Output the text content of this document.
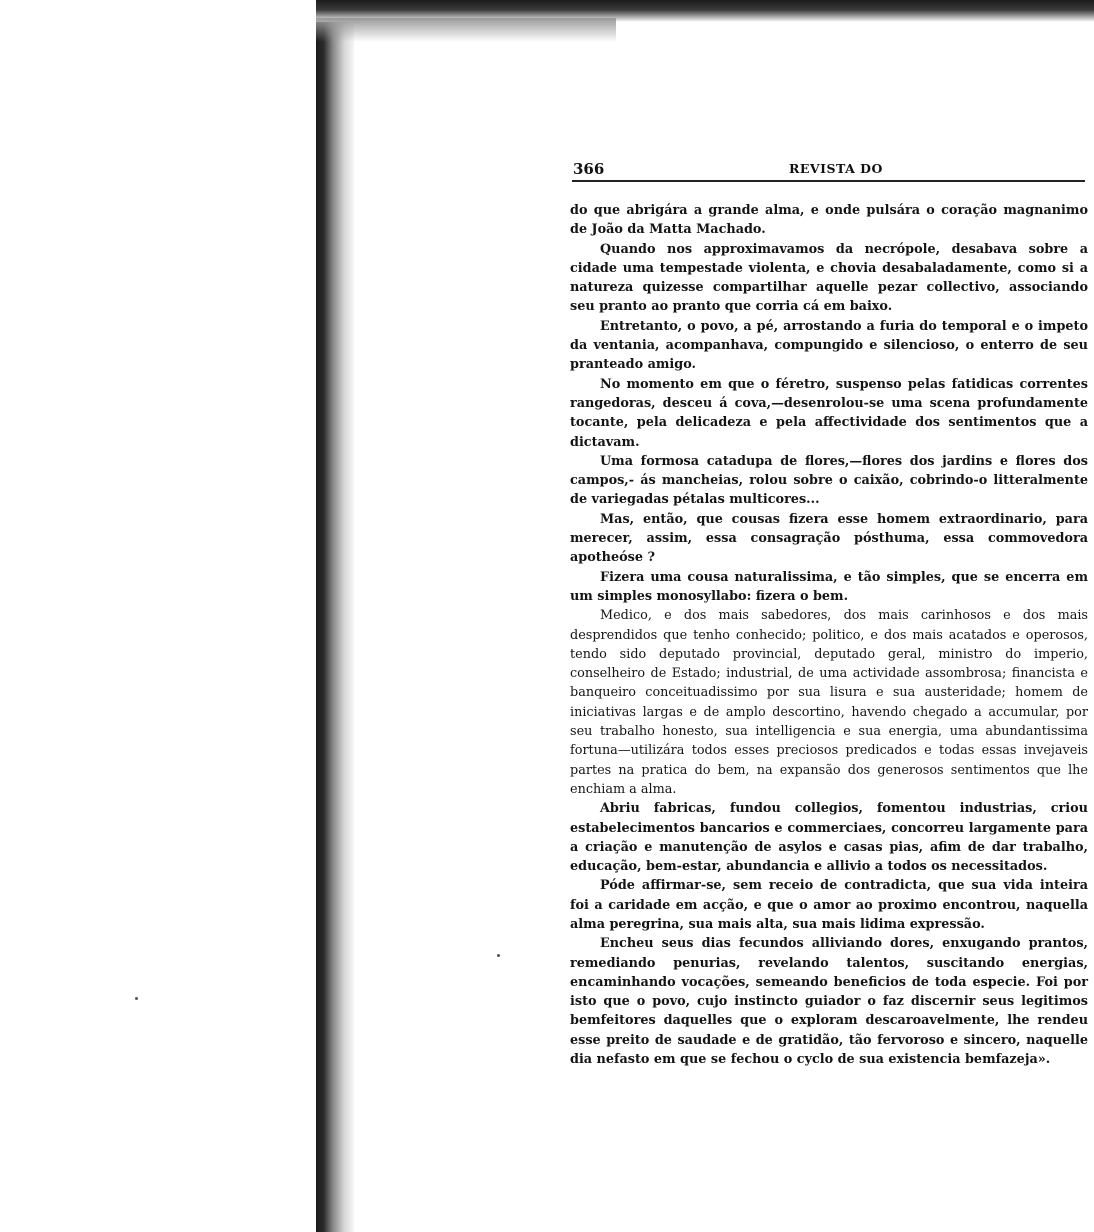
366	REVISTA DO

do que abrigára a grande alma, e onde pulsára o coração magnanimo de João da Matta Machado.

Quando nos approximavamos da necrópole, desabava sobre a cidade uma tempestade violenta, e chovia desabaladamente, como si a natureza quizesse compartilhar aquelle pezar collectivo, associando seu pranto ao pranto que corria cá em baixo.

Entretanto, o povo, a pé, arrostando a furia do temporal e o impeto da ventania, acompanhava, compungido e silencioso, o enterro de seu pranteado amigo.

No momento em que o féretro, suspenso pelas fatidicas correntes rangedoras, desceu á cova,—desenrolou-se uma scena profundamente tocante, pela delicadeza e pela affectividade dos sentimentos que a dictavam.

Uma formosa catadupa de flores,—flores dos jardins e flores dos campos,- ás mancheias, rolou sobre o caixão, cobrindo-o litteralmente de variegadas pétalas multicores...

Mas, então, que cousas fizera esse homem extraordinario, para merecer, assim, essa consagração pósthuma, essa commovedora apotheóse ?

Fizera uma cousa naturalissima, e tão simples, que se encerra em um simples monosyllabo: fizera o bem.

Medico, e dos mais sabedores, dos mais carinhosos e dos mais desprendidos que tenho conhecido; politico, e dos mais acatados e operosos, tendo sido deputado provincial, deputado geral, ministro do imperio, conselheiro de Estado; industrial, de uma actividade assombrosa; financista e banqueiro conceituadissimo por sua lisura e sua austeridade; homem de iniciativas largas e de amplo descortino, havendo chegado a accumular, por seu trabalho honesto, sua intelligencia e sua energia, uma abundantissima fortuna—utilizára todos esses preciosos predicados e todas essas invejaveis partes na pratica do bem, na expansão dos generosos sentimentos que lhe enchiam a alma.

Abriu fabricas, fundou collegios, fomentou industrias, criou estabelecimentos bancarios e commerciaes, concorreu largamente para a criação e manutenção de asylos e casas pias, afim de dar trabalho, educação, bem-estar, abundancia e allivio a todos os necessitados.

Póde affirmar-se, sem receio de contradicta, que sua vida inteira foi a caridade em acção, e que o amor ao proximo encontrou, naquella alma peregrina, sua mais alta, sua mais lidima expressão.

Encheu seus dias fecundos alliviando dores, enxugando prantos, remediando penurias, revelando talentos, suscitando energias, encaminhando vocações, semeando beneficios de toda especie. Foi por isto que o povo, cujo instincto guiador o faz discernir seus legitimos bemfeitores daquelles que o exploram descaroavelmente, lhe rendeu esse preito de saudade e de gratidão, tão fervoroso e sincero, naquelle dia nefasto em que se fechou o cyclo de sua existencia bemfazeja».
